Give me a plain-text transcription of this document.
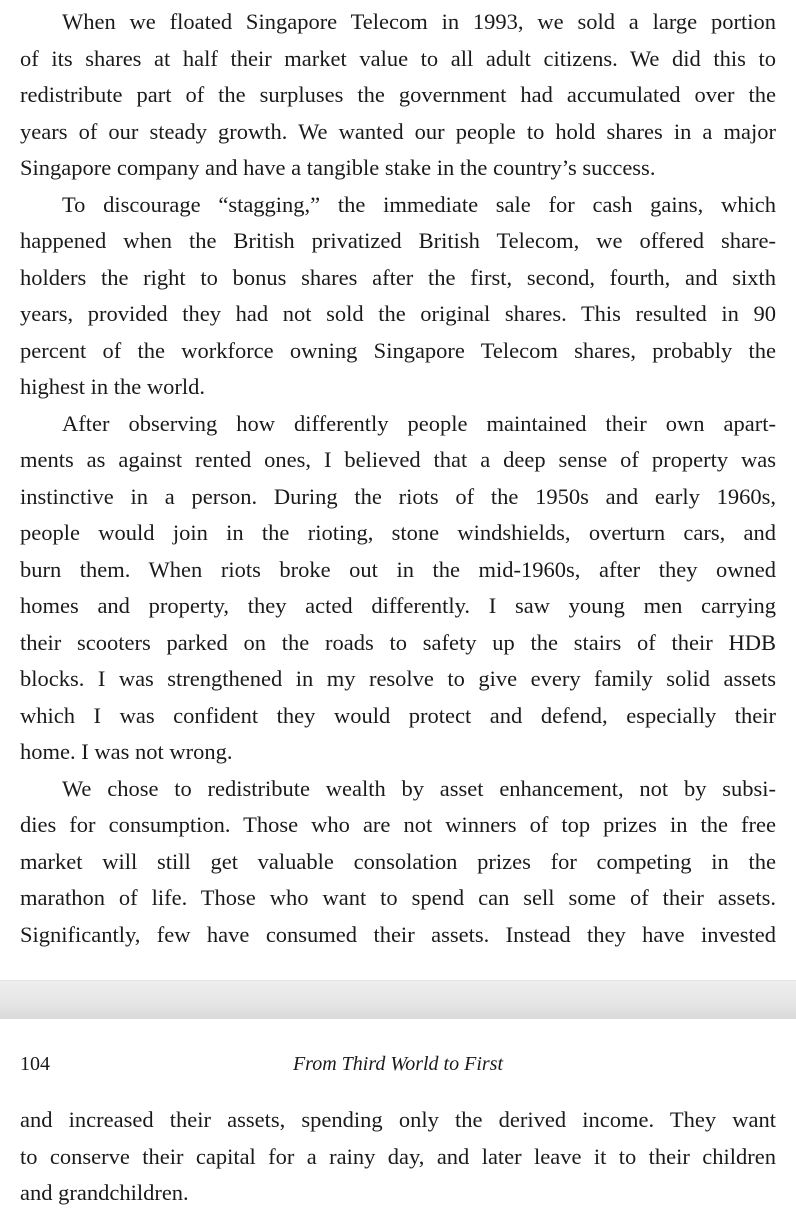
When we floated Singapore Telecom in 1993, we sold a large portion
of its shares at half their market value to all adult citizens. We did this to
redistribute part of the surpluses the government had accumulated over the
years of our steady growth. We wanted our people to hold shares in a major
Singapore company and have a tangible stake in the country’s success.
To discourage “stagging,” the immediate sale for cash gains, which
happened when the British privatized British Telecom, we offered share-
holders the right to bonus shares after the first, second, fourth, and sixth
years, provided they had not sold the original shares. This resulted in 90
percent of the workforce owning Singapore Telecom shares, probably the
highest in the world.
After observing how differently people maintained their own apart-
ments as against rented ones, I believed that a deep sense of property was
instinctive in a person. During the riots of the 1950s and early 1960s,
people would join in the rioting, stone windshields, overturn cars, and
burn them. When riots broke out in the mid-1960s, after they owned
homes and property, they acted differently. I saw young men carrying
their scooters parked on the roads to safety up the stairs of their HDB
blocks. I was strengthened in my resolve to give every family solid assets
which I was confident they would protect and defend, especially their
home. I was not wrong.
We chose to redistribute wealth by asset enhancement, not by subsi-
dies for consumption. Those who are not winners of top prizes in the free
market will still get valuable consolation prizes for competing in the
marathon of life. Those who want to spend can sell some of their assets.
Significantly, few have consumed their assets. Instead they have invested
104	From Third World to First
and increased their assets, spending only the derived income. They want
to conserve their capital for a rainy day, and later leave it to their children
and grandchildren.
